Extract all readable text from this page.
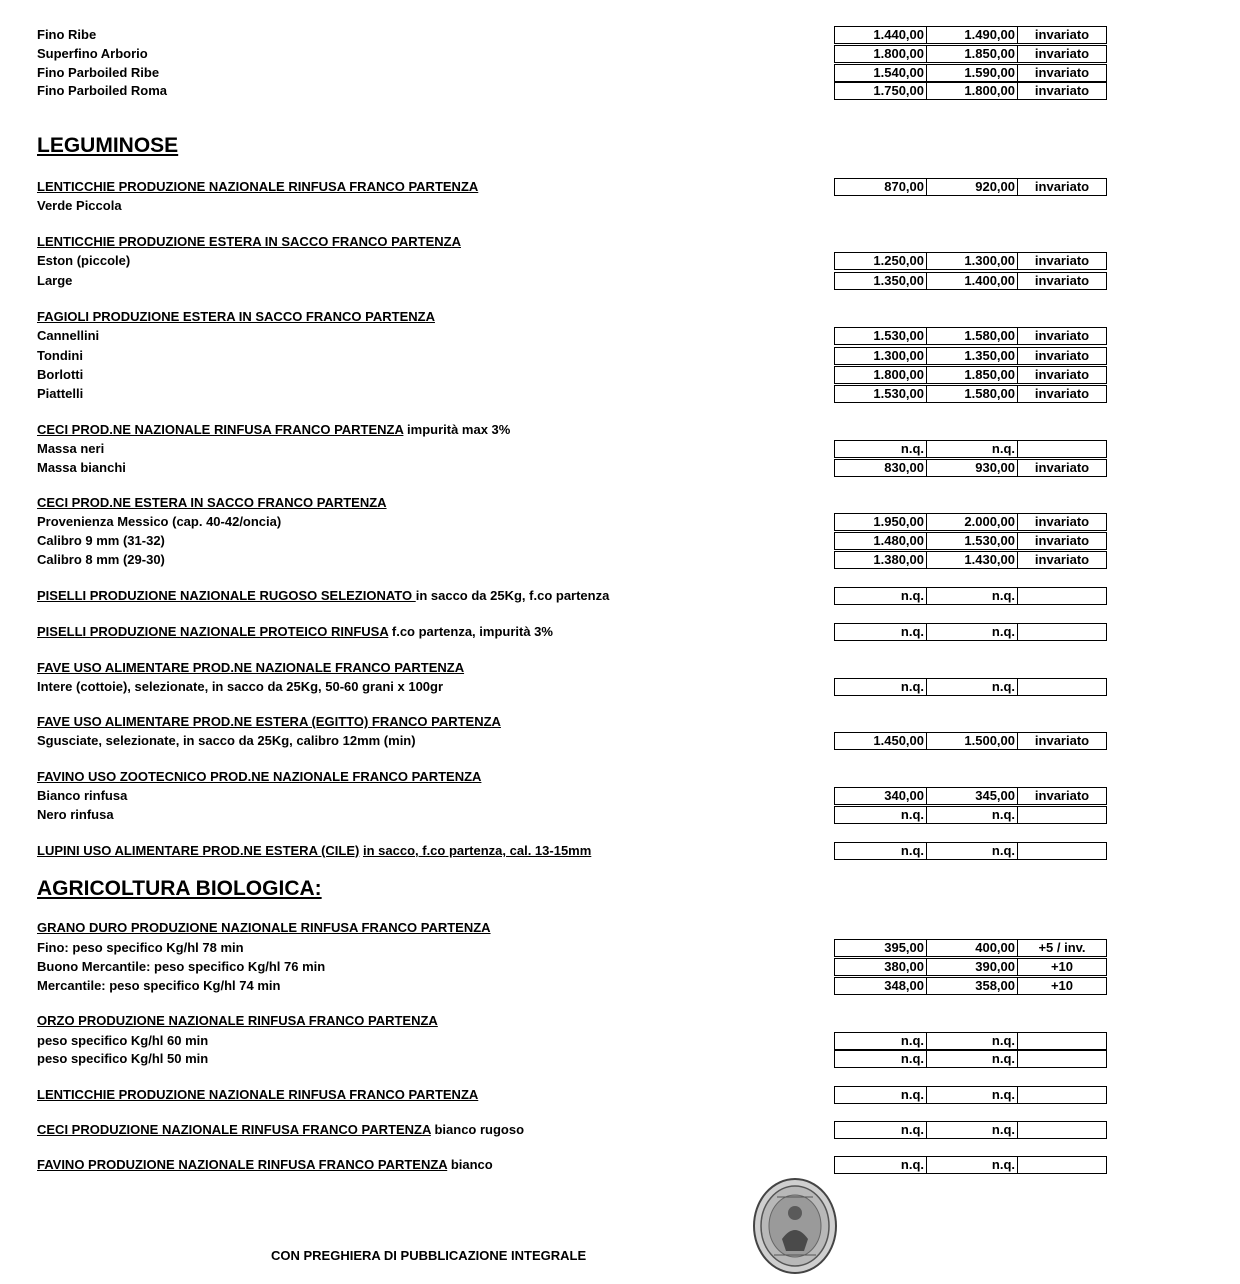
Fino Ribe	1.440,00	1.490,00	invariato
Superfino Arborio	1.800,00	1.850,00	invariato
Fino Parboiled Ribe	1.540,00	1.590,00	invariato
Fino Parboiled Roma	1.750,00	1.800,00	invariato
LEGUMINOSE
LENTICCHIE PRODUZIONE NAZIONALE RINFUSA FRANCO PARTENZA	870,00	920,00	invariato
Verde Piccola
LENTICCHIE PRODUZIONE ESTERA IN SACCO FRANCO PARTENZA
Eston (piccole)	1.250,00	1.300,00	invariato
Large	1.350,00	1.400,00	invariato
FAGIOLI PRODUZIONE ESTERA IN SACCO FRANCO PARTENZA
Cannellini	1.530,00	1.580,00	invariato
Tondini	1.300,00	1.350,00	invariato
Borlotti	1.800,00	1.850,00	invariato
Piattelli	1.530,00	1.580,00	invariato
CECI PROD.NE NAZIONALE RINFUSA FRANCO PARTENZA impurità max 3%
Massa neri	n.q.	n.q.
Massa bianchi	830,00	930,00	invariato
CECI PROD.NE ESTERA IN SACCO FRANCO PARTENZA
Provenienza Messico (cap. 40-42/oncia)	1.950,00	2.000,00	invariato
Calibro 9 mm (31-32)	1.480,00	1.530,00	invariato
Calibro 8 mm (29-30)	1.380,00	1.430,00	invariato
PISELLI PRODUZIONE NAZIONALE RUGOSO SELEZIONATO in sacco da 25Kg, f.co partenza	n.q.	n.q.
PISELLI PRODUZIONE NAZIONALE PROTEICO RINFUSA f.co partenza, impurità 3%	n.q.	n.q.
FAVE USO ALIMENTARE PROD.NE NAZIONALE FRANCO PARTENZA
Intere (cottoie), selezionate, in sacco da 25Kg, 50-60 grani x 100gr	n.q.	n.q.
FAVE USO ALIMENTARE PROD.NE ESTERA (EGITTO) FRANCO PARTENZA
Sgusciate, selezionate, in sacco da 25Kg, calibro 12mm (min)	1.450,00	1.500,00	invariato
FAVINO USO ZOOTECNICO PROD.NE NAZIONALE FRANCO PARTENZA
Bianco rinfusa	340,00	345,00	invariato
Nero rinfusa	n.q.	n.q.
LUPINI USO ALIMENTARE PROD.NE ESTERA (CILE) in sacco, f.co partenza, cal. 13-15mm	n.q.	n.q.
AGRICOLTURA BIOLOGICA:
GRANO DURO PRODUZIONE NAZIONALE RINFUSA FRANCO PARTENZA
Fino: peso specifico Kg/hl 78 min	395,00	400,00	+5 / inv.
Buono Mercantile: peso specifico Kg/hl 76 min	380,00	390,00	+10
Mercantile: peso specifico Kg/hl 74 min	348,00	358,00	+10
ORZO PRODUZIONE NAZIONALE RINFUSA FRANCO PARTENZA
peso specifico Kg/hl 60 min	n.q.	n.q.
peso specifico Kg/hl 50 min	n.q.	n.q.
LENTICCHIE PRODUZIONE NAZIONALE RINFUSA FRANCO PARTENZA	n.q.	n.q.
CECI PRODUZIONE NAZIONALE RINFUSA FRANCO PARTENZA bianco rugoso	n.q.	n.q.
FAVINO PRODUZIONE NAZIONALE RINFUSA FRANCO PARTENZA bianco	n.q.	n.q.
CON PREGHIERA DI PUBBLICAZIONE INTEGRALE
